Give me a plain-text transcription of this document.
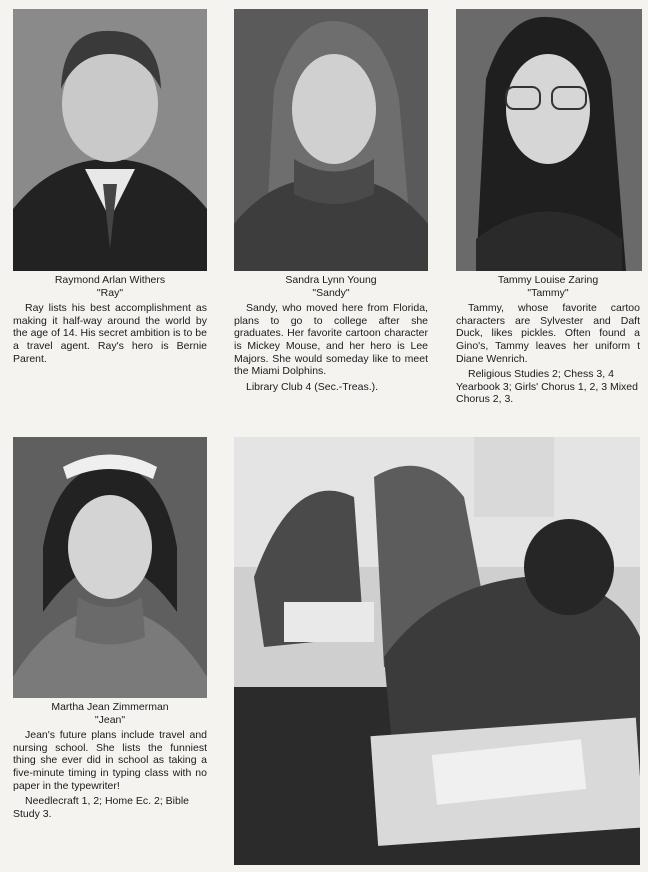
Raymond Arlan Withers
"Ray"
Ray lists his best accomplishment as making it half-way around the world by the age of 14. His secret ambition is to be a travel agent. Ray's hero is Bernie Parent.
Sandra Lynn Young
"Sandy"
Sandy, who moved here from Florida, plans to go to college after she graduates. Her favorite cartoon character is Mickey Mouse, and her hero is Lee Majors. She would someday like to meet the Miami Dolphins.
Library Club 4 (Sec.-Treas.).
Tammy Louise Zaring
"Tammy"
Tammy, whose favorite cartoo characters are Sylvester and Daft Duck, likes pickles. Often found a Gino's, Tammy leaves her uniform t Diane Wenrich.
Religious Studies 2; Chess 3, 4 Yearbook 3; Girls' Chorus 1, 2, 3 Mixed Chorus 2, 3.
Martha Jean Zimmerman
"Jean"
Jean's future plans include travel and nursing school. She lists the funniest thing she ever did in school as taking a five-minute timing in typing class with no paper in the typewriter!
Needlecraft 1, 2; Home Ec. 2; Bible Study 3.
